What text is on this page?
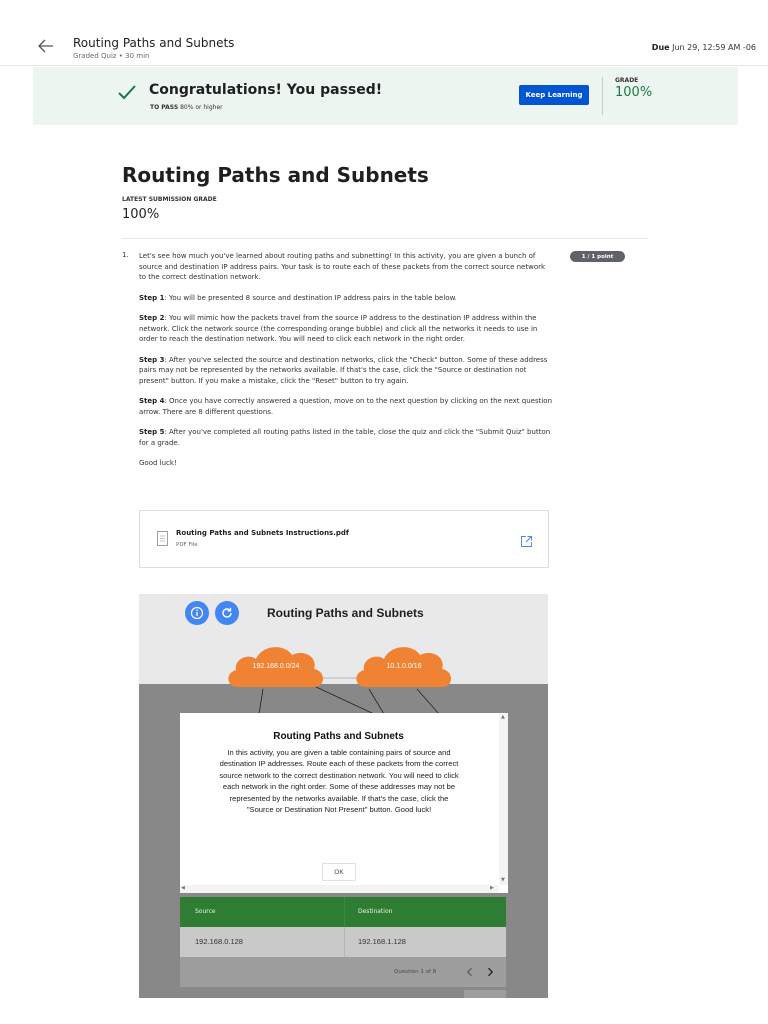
Routing Paths and Subnets
Graded Quiz • 30 min
Due Jun 29, 12:59 AM -06
Congratulations! You passed!
TO PASS 80% or higher
Keep Learning
GRADE
100%
Routing Paths and Subnets
LATEST SUBMISSION GRADE
100%
1.	1 / 1 point

Let's see how much you've learned about routing paths and subnetting! In this activity, you are given a bunch of source and destination IP address pairs. Your task is to route each of these packets from the correct source network to the correct destination network.

Step 1: You will be presented 8 source and destination IP address pairs in the table below.

Step 2: You will mimic how the packets travel from the source IP address to the destination IP address within the network. Click the network source (the corresponding orange bubble) and click all the networks it needs to use in order to reach the destination network. You will need to click each network in the right order.

Step 3: After you've selected the source and destination networks, click the "Check" button. Some of these address pairs may not be represented by the networks available. If that's the case, click the "Source or destination not present" button. If you make a mistake, click the "Reset" button to try again.

Step 4: Once you have correctly answered a question, move on to the next question by clicking on the next question arrow. There are 8 different questions.

Step 5: After you've completed all routing paths listed in the table, close the quiz and click the "Submit Quiz" button for a grade.

Good luck!

Routing Paths and Subnets Instructions.pdf
PDF File
Routing Paths and Subnets
192.168.0.0/24	10.1.0.0/16
Routing Paths and Subnets
In this activity, you are given a table containing pairs of source and destination IP addresses. Route each of these packets from the correct source network to the correct destination network. You will need to click each network in the right order. Some of these addresses may not be represented by the networks available. If that's the case, click the "Source or Destination Not Present" button. Good luck!
OK
▲
▼
◀	▶
Source	Destination
192.168.0.128	192.168.1.128
Question 1 of 8
